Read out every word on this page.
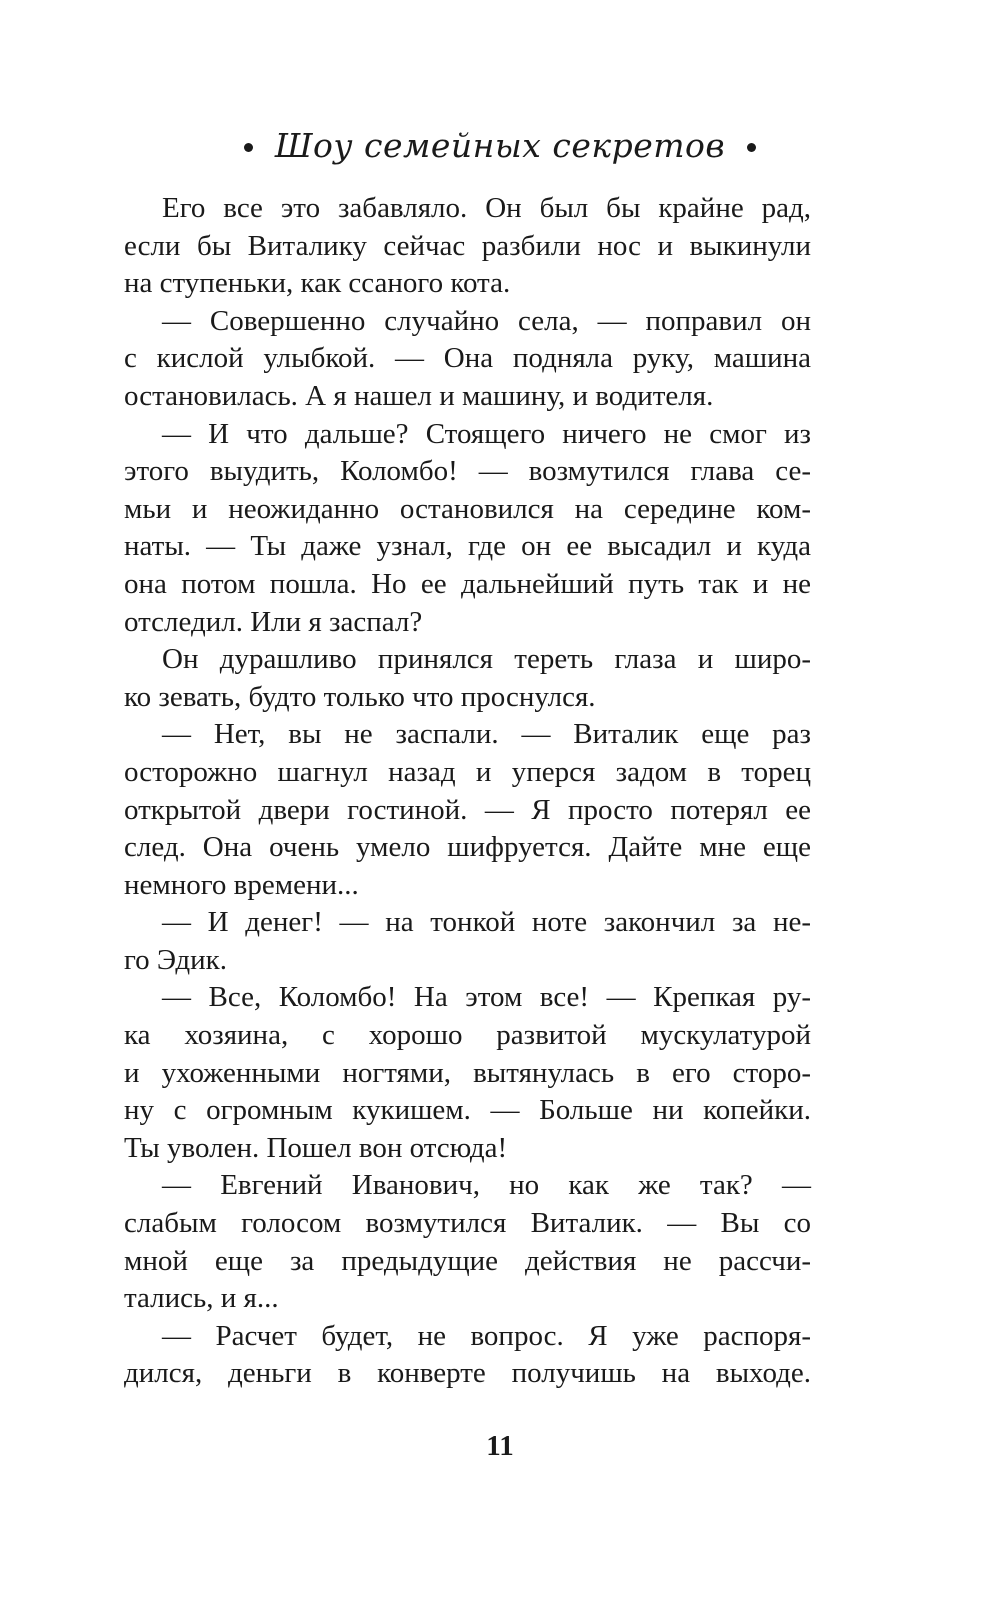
Шоу семейных секретов
Его все это забавляло. Он был бы крайне рад,
если бы Виталику сейчас разбили нос и выкинули
на ступеньки, как ссаного кота.
— Совершенно случайно села, — поправил он
с кислой улыбкой. — Она подняла руку, машина
остановилась. А я нашел и машину, и водителя.
— И что дальше? Стоящего ничего не смог из
этого выудить, Коломбо! — возмутился глава се-
мьи и неожиданно остановился на середине ком-
наты. — Ты даже узнал, где он ее высадил и куда
она потом пошла. Но ее дальнейший путь так и не
отследил. Или я заспал?
Он дурашливо принялся тереть глаза и широ-
ко зевать, будто только что проснулся.
— Нет, вы не заспали. — Виталик еще раз
осторожно шагнул назад и уперся задом в торец
открытой двери гостиной. — Я просто потерял ее
след. Она очень умело шифруется. Дайте мне еще
немного времени...
— И денег! — на тонкой ноте закончил за не-
го Эдик.
— Все, Коломбо! На этом все! — Крепкая ру-
ка хозяина, с хорошо развитой мускулатурой
и ухоженными ногтями, вытянулась в его сторо-
ну с огромным кукишем. — Больше ни копейки.
Ты уволен. Пошел вон отсюда!
— Евгений Иванович, но как же так? —
слабым голосом возмутился Виталик. — Вы со
мной еще за предыдущие действия не рассчи-
тались, и я...
— Расчет будет, не вопрос. Я уже распоря-
дился, деньги в конверте получишь на выходе.
11
